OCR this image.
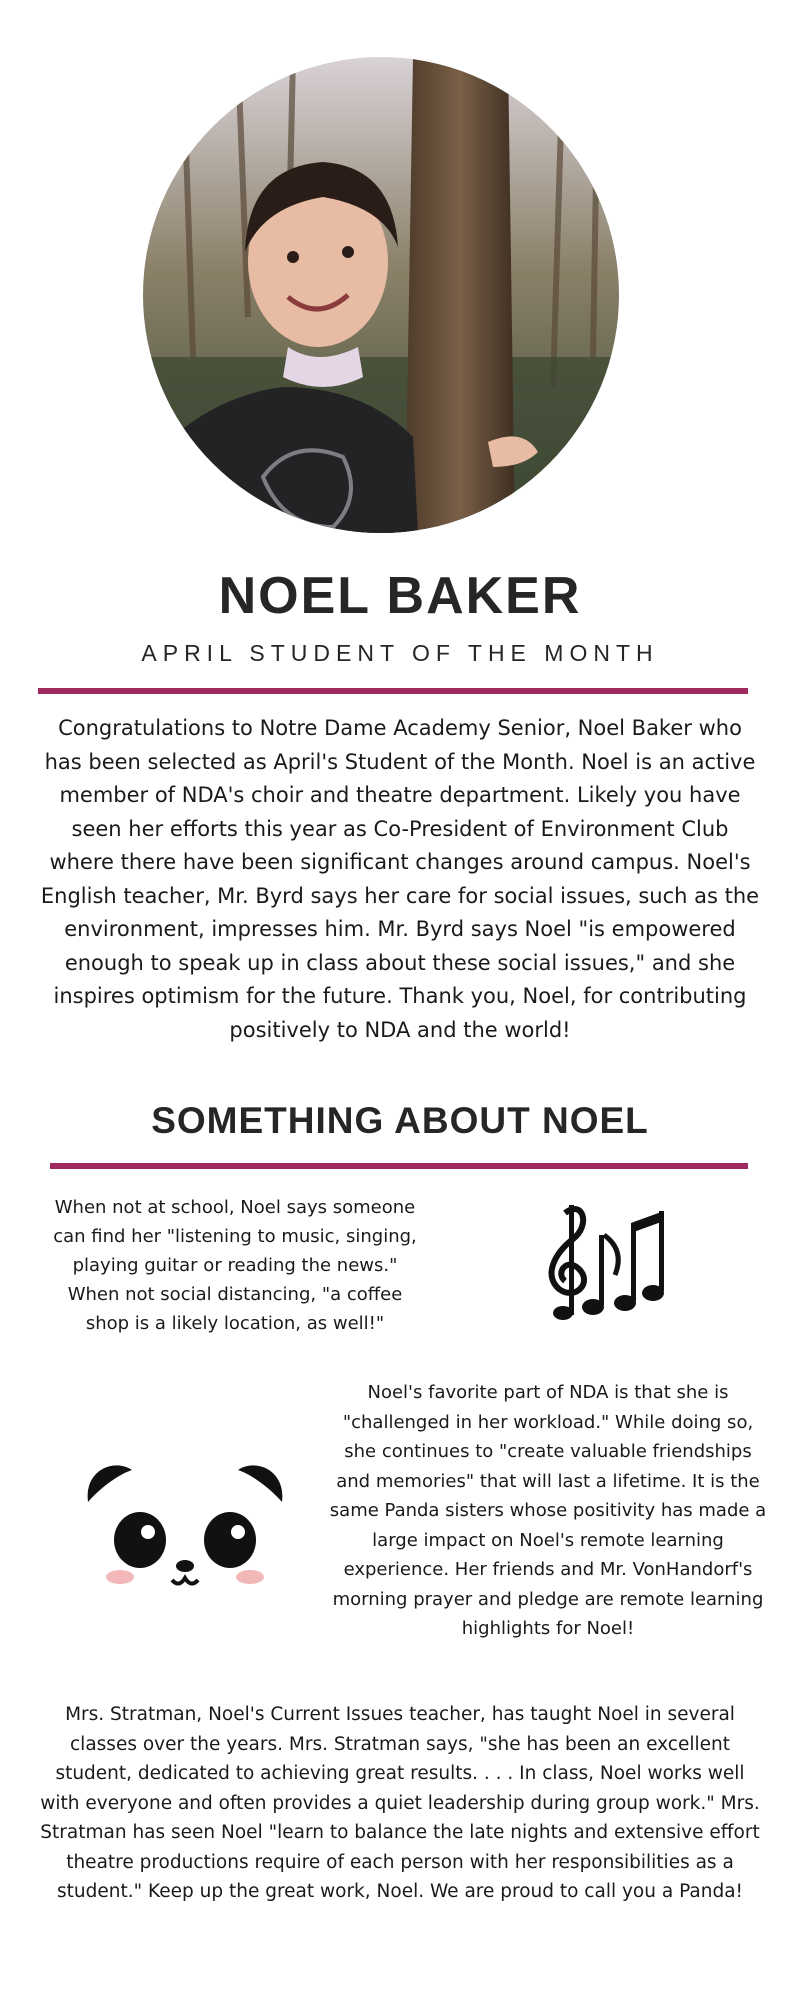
NOEL BAKER
APRIL STUDENT OF THE MONTH

Congratulations to Notre Dame Academy Senior, Noel Baker who has been selected as April's Student of the Month. Noel is an active member of NDA's choir and theatre department. Likely you have seen her efforts this year as Co-President of Environment Club where there have been significant changes around campus. Noel's English teacher, Mr. Byrd says her care for social issues, such as the environment, impresses him. Mr. Byrd says Noel "is empowered enough to speak up in class about these social issues," and she inspires optimism for the future. Thank you, Noel, for contributing positively to NDA and the world!

SOMETHING ABOUT NOEL

When not at school, Noel says someone can find her "listening to music, singing, playing guitar or reading the news." When not social distancing, "a coffee shop is a likely location, as well!"

Noel's favorite part of NDA is that she is "challenged in her workload." While doing so, she continues to "create valuable friendships and memories" that will last a lifetime. It is the same Panda sisters whose positivity has made a large impact on Noel's remote learning experience. Her friends and Mr. VonHandorf's morning prayer and pledge are remote learning highlights for Noel!

Mrs. Stratman, Noel's Current Issues teacher, has taught Noel in several classes over the years. Mrs. Stratman says, "she has been an excellent student, dedicated to achieving great results. . . . In class, Noel works well with everyone and often provides a quiet leadership during group work." Mrs. Stratman has seen Noel "learn to balance the late nights and extensive effort theatre productions require of each person with her responsibilities as a student." Keep up the great work, Noel. We are proud to call you a Panda!
